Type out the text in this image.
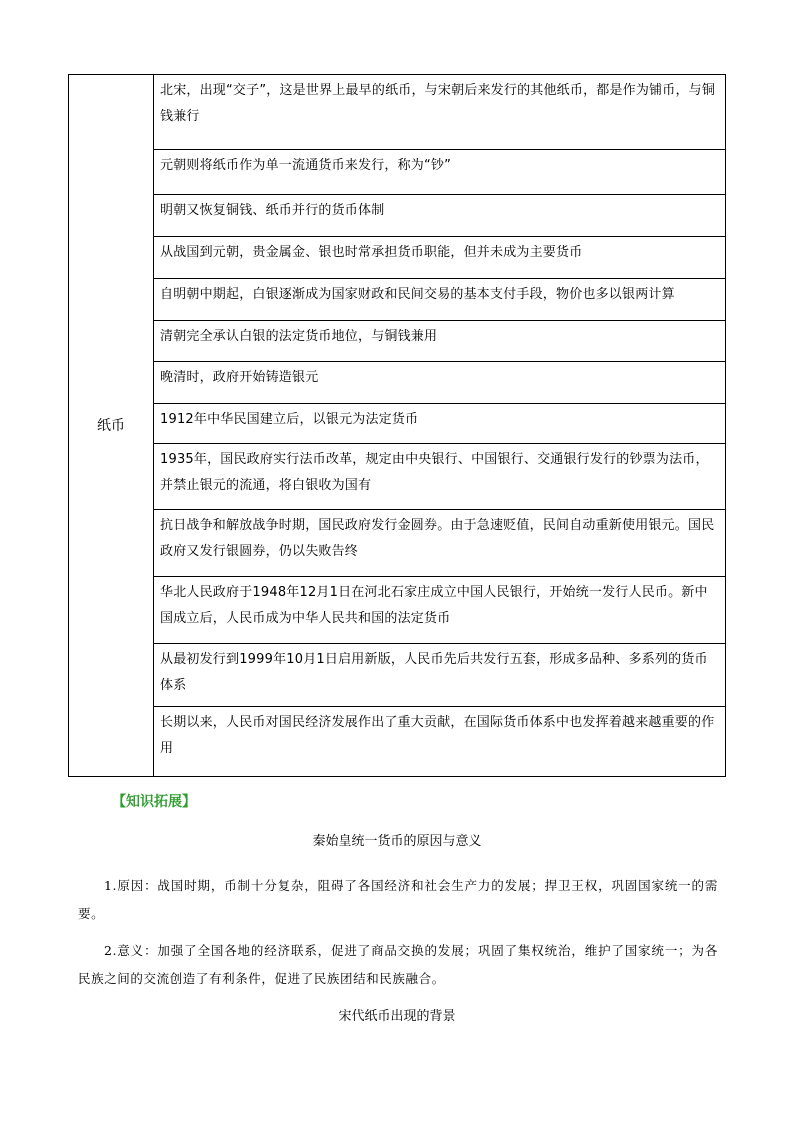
纸币	北宋，出现“交子”，这是世界上最早的纸币，与宋朝后来发行的其他纸币，都是作为铺币，与铜钱兼行
元朝则将纸币作为单一流通货币来发行，称为“钞”
明朝又恢复铜钱、纸币并行的货币体制
从战国到元朝，贵金属金、银也时常承担货币职能，但并未成为主要货币
自明朝中期起，白银逐渐成为国家财政和民间交易的基本支付手段，物价也多以银两计算
清朝完全承认白银的法定货币地位，与铜钱兼用
晚清时，政府开始铸造银元
1912年中华民国建立后，以银元为法定货币
1935年，国民政府实行法币改革，规定由中央银行、中国银行、交通银行发行的钞票为法币，并禁止银元的流通，将白银收为国有
抗日战争和解放战争时期，国民政府发行金圆券。由于急速贬值，民间自动重新使用银元。国民政府又发行银圆券，仍以失败告终
华北人民政府于1948年12月1日在河北石家庄成立中国人民银行，开始统一发行人民币。新中国成立后，人民币成为中华人民共和国的法定货币
从最初发行到1999年10月1日启用新版，人民币先后共发行五套，形成多品种、多系列的货币体系
长期以来，人民币对国民经济发展作出了重大贡献，在国际货币体系中也发挥着越来越重要的作用
【知识拓展】
秦始皇统一货币的原因与意义
1.原因：战国时期，币制十分复杂，阻碍了各国经济和社会生产力的发展；捍卫王权，巩固国家统一的需要。
2.意义：加强了全国各地的经济联系，促进了商品交换的发展；巩固了集权统治，维护了国家统一；为各民族之间的交流创造了有利条件，促进了民族团结和民族融合。
宋代纸币出现的背景
